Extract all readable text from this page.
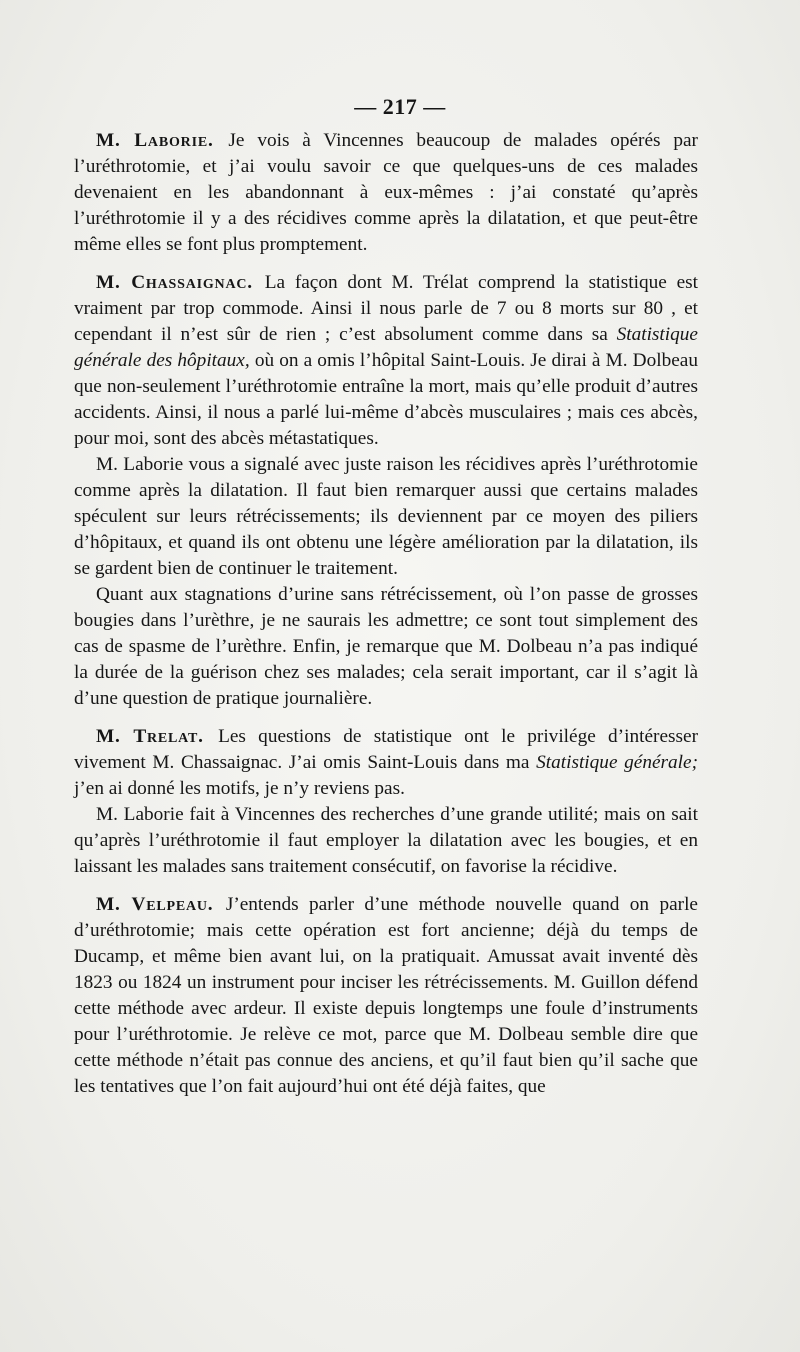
— 217 —

M. Laborie. Je vois à Vincennes beaucoup de malades opérés par l’uréthrotomie, et j’ai voulu savoir ce que quelques-uns de ces malades devenaient en les abandonnant à eux-mêmes : j’ai constaté qu’après l’uréthrotomie il y a des récidives comme après la dilatation, et que peut-être même elles se font plus promptement.

M. Chassaignac. La façon dont M. Trélat comprend la statistique est vraiment par trop commode. Ainsi il nous parle de 7 ou 8 morts sur 80 , et cependant il n’est sûr de rien ; c’est absolument comme dans sa Statistique générale des hôpitaux, où on a omis l’hôpital Saint-Louis. Je dirai à M. Dolbeau que non-seulement l’uréthrotomie entraîne la mort, mais qu’elle produit d’autres accidents. Ainsi, il nous a parlé lui-même d’abcès musculaires ; mais ces abcès, pour moi, sont des abcès métastatiques.

M. Laborie vous a signalé avec juste raison les récidives après l’uréthrotomie comme après la dilatation. Il faut bien remarquer aussi que certains malades spéculent sur leurs rétrécissements; ils deviennent par ce moyen des piliers d’hôpitaux, et quand ils ont obtenu une légère amélioration par la dilatation, ils se gardent bien de continuer le traitement.

Quant aux stagnations d’urine sans rétrécissement, où l’on passe de grosses bougies dans l’urèthre, je ne saurais les admettre; ce sont tout simplement des cas de spasme de l’urèthre. Enfin, je remarque que M. Dolbeau n’a pas indiqué la durée de la guérison chez ses malades; cela serait important, car il s’agit là d’une question de pratique journalière.

M. Trelat. Les questions de statistique ont le privilége d’intéresser vivement M. Chassaignac. J’ai omis Saint-Louis dans ma Statistique générale; j’en ai donné les motifs, je n’y reviens pas.

M. Laborie fait à Vincennes des recherches d’une grande utilité; mais on sait qu’après l’uréthrotomie il faut employer la dilatation avec les bougies, et en laissant les malades sans traitement consécutif, on favorise la récidive.

M. Velpeau. J’entends parler d’une méthode nouvelle quand on parle d’uréthrotomie; mais cette opération est fort ancienne; déjà du temps de Ducamp, et même bien avant lui, on la pratiquait. Amussat avait inventé dès 1823 ou 1824 un instrument pour inciser les rétrécissements. M. Guillon défend cette méthode avec ardeur. Il existe depuis longtemps une foule d’instruments pour l’uréthrotomie. Je relève ce mot, parce que M. Dolbeau semble dire que cette méthode n’était pas connue des anciens, et qu’il faut bien qu’il sache que les tentatives que l’on fait aujourd’hui ont été déjà faites, que
